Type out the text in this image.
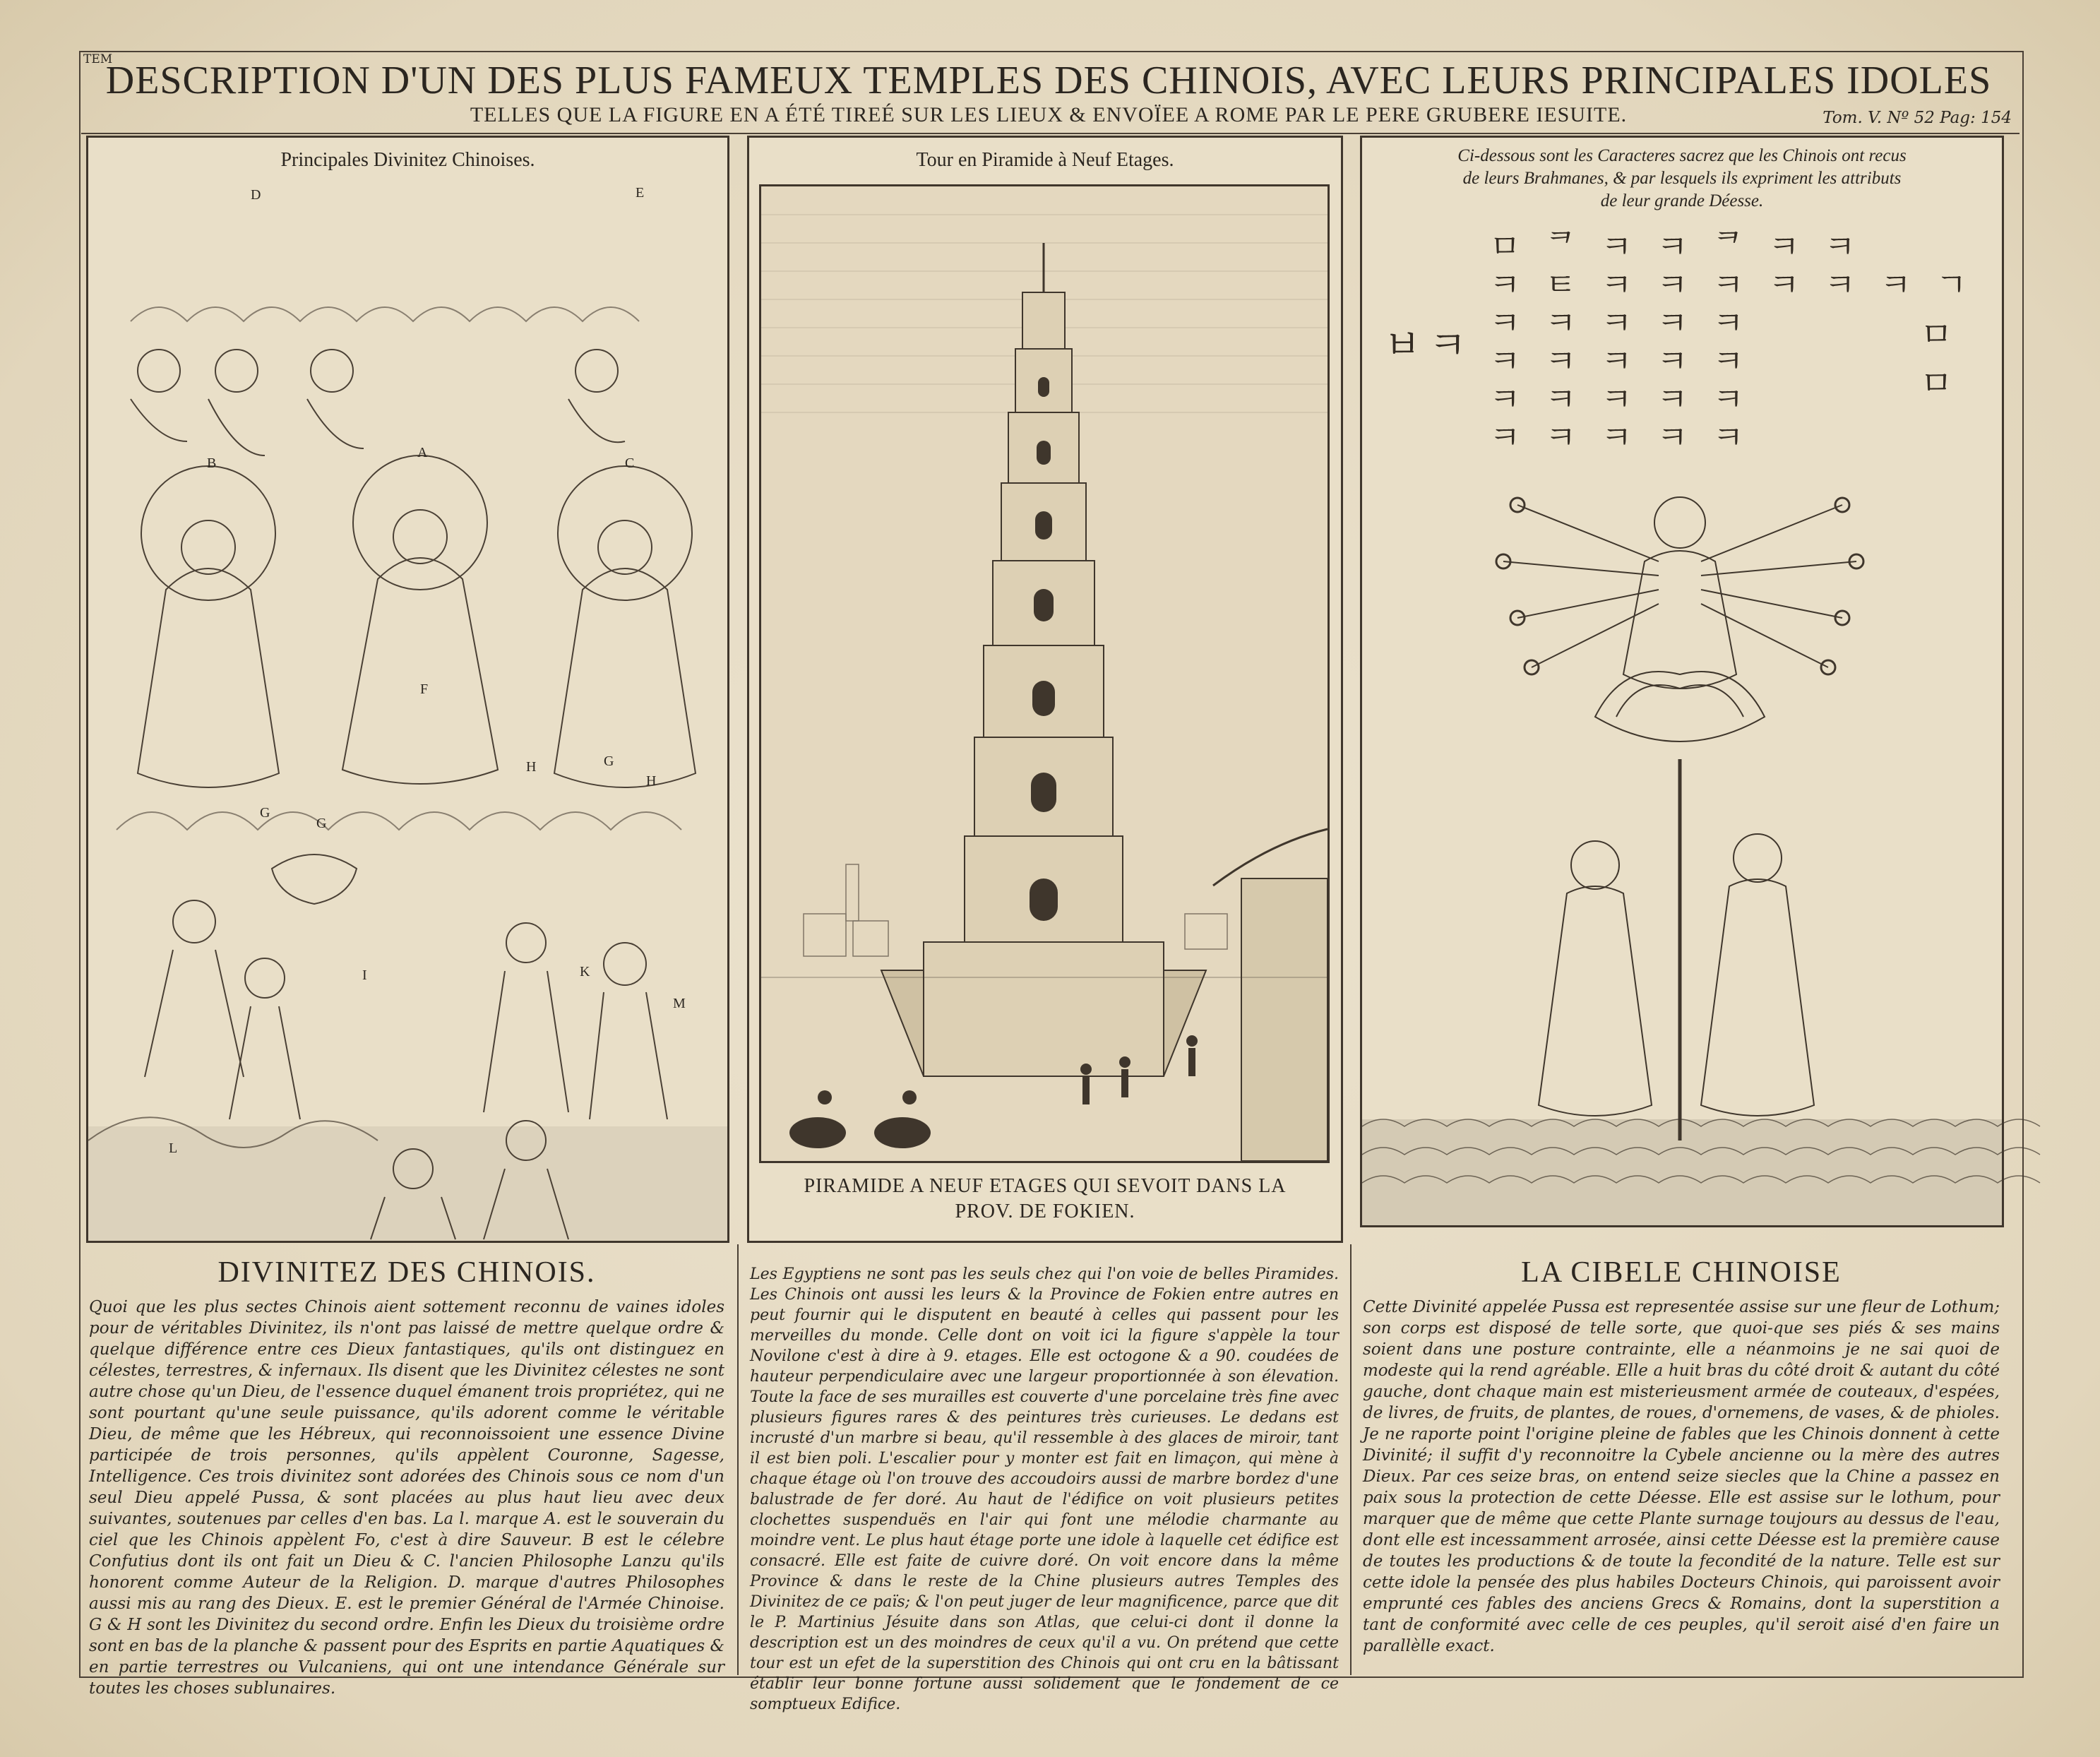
TEM
DESCRIPTION D'UN DES PLUS FAMEUX TEMPLES DES CHINOIS, AVEC LEURS PRINCIPALES IDOLES
TELLES QUE LA FIGURE EN A ÉTÉ TIREÉ SUR LES LIEUX & ENVOÏEE A ROME PAR LE PERE GRUBERE IESUITE.	Tom. V. Nº 52 Pag: 154
Principales Divinitez Chinoises.
A
B	C
D	E
F
G
G
H
H
G
I	K
L
M
Tour en Piramide à Neuf Etages.
PIRAMIDE A NEUF ETAGES QUI SEVOIT DANS LA
PROV. DE FOKIEN.
Ci-dessous sont les Caracteres sacrez que les Chinois ont recus
de leurs Brahmanes, & par lesquels ils expriment les attributs
de leur grande Déesse.
ㅁ ᄏ ㅋ ㅋ ᄏ ㅋ ㅋ
ㅋ ㅌ ㅋ ㅋ ㅋ ㅋ ㅋ ㅋ ㄱ
ㅋ ㅋ ㅋ ㅋ ㅋ
ㅋ ㅋ ㅋ ㅋ ㅋ
ㅋ ㅋ ㅋ ㅋ ㅋ
ㅋ ㅋ ㅋ ㅋ ㅋ
ㅂㅋ	ㅁ ㅁ
DIVINITEZ DES CHINOIS.

Quoi que les plus sectes Chinois aient sottement reconnu de vaines idoles pour de véritables Divinitez, ils n'ont pas laissé de mettre quelque ordre & quelque différence entre ces Dieux fantastiques, qu'ils ont distinguez en célestes, terrestres, & infernaux. Ils disent que les Divinitez célestes ne sont autre chose qu'un Dieu, de l'essence duquel émanent trois propriétez, qui ne sont pourtant qu'une seule puissance, qu'ils adorent comme le véritable Dieu, de même que les Hébreux, qui reconnoissoient une essence Divine participée de trois personnes, qu'ils appèlent Couronne, Sagesse, Intelligence. Ces trois divinitez sont adorées des Chinois sous ce nom d'un seul Dieu appelé Pussa, & sont placées au plus haut lieu avec deux suivantes, soutenues par celles d'en bas. La l. marque A. est le souverain du ciel que les Chinois appèlent Fo, c'est à dire Sauveur. B est le célebre Confutius dont ils ont fait un Dieu & C. l'ancien Philosophe Lanzu qu'ils honorent comme Auteur de la Religion. D. marque d'autres Philosophes aussi mis au rang des Dieux. E. est le premier Général de l'Armée Chinoise. G & H sont les Divinitez du second ordre. Enfin les Dieux du troisième ordre sont en bas de la planche & passent pour des Esprits en partie Aquatiques & en partie terrestres ou Vulcaniens, qui ont une intendance Générale sur toutes les choses sublunaires.

Les Egyptiens ne sont pas les seuls chez qui l'on voie de belles Piramides. Les Chinois ont aussi les leurs & la Province de Fokien entre autres en peut fournir qui le disputent en beauté à celles qui passent pour les merveilles du monde. Celle dont on voit ici la figure s'appèle la tour Novilone c'est à dire à 9. etages. Elle est octogone & a 90. coudées de hauteur perpendiculaire avec une largeur proportionnée à son élevation. Toute la face de ses murailles est couverte d'une porcelaine très fine avec plusieurs figures rares & des peintures très curieuses. Le dedans est incrusté d'un marbre si beau, qu'il ressemble à des glaces de miroir, tant il est bien poli. L'escalier pour y monter est fait en limaçon, qui mène à chaque étage où l'on trouve des accoudoirs aussi de marbre bordez d'une balustrade de fer doré. Au haut de l'édifice on voit plusieurs petites clochettes suspenduës en l'air qui font une mélodie charmante au moindre vent. Le plus haut étage porte une idole à laquelle cet édifice est consacré. Elle est faite de cuivre doré. On voit encore dans la même Province & dans le reste de la Chine plusieurs autres Temples des Divinitez de ce païs; & l'on peut juger de leur magnificence, parce que dit le P. Martinius Jésuite dans son Atlas, que celui-ci dont il donne la description est un des moindres de ceux qu'il a vu. On prétend que cette tour est un efet de la superstition des Chinois qui ont cru en la bâtissant établir leur bonne fortune aussi solidement que le fondement de ce somptueux Edifice.

LA CIBELE CHINOISE

Cette Divinité appelée Pussa est representée assise sur une fleur de Lothum; son corps est disposé de telle sorte, que quoi-que ses piés & ses mains soient dans une posture contrainte, elle a néanmoins je ne sai quoi de modeste qui la rend agréable. Elle a huit bras du côté droit & autant du côté gauche, dont chaque main est misterieusment armée de couteaux, d'espées, de livres, de fruits, de plantes, de roues, d'ornemens, de vases, & de phioles. Je ne raporte point l'origine pleine de fables que les Chinois donnent à cette Divinité; il suffit d'y reconnoitre la Cybele ancienne ou la mère des autres Dieux. Par ces seize bras, on entend seize siecles que la Chine a passez en paix sous la protection de cette Déesse. Elle est assise sur le lothum, pour marquer que de même que cette Plante surnage toujours au dessus de l'eau, dont elle est incessamment arrosée, ainsi cette Déesse est la première cause de toutes les productions & de toute la fecondité de la nature. Telle est sur cette idole la pensée des plus habiles Docteurs Chinois, qui paroissent avoir emprunté ces fables des anciens Grecs & Romains, dont la superstition a tant de conformité avec celle de ces peuples, qu'il seroit aisé d'en faire un parallèlle exact.
